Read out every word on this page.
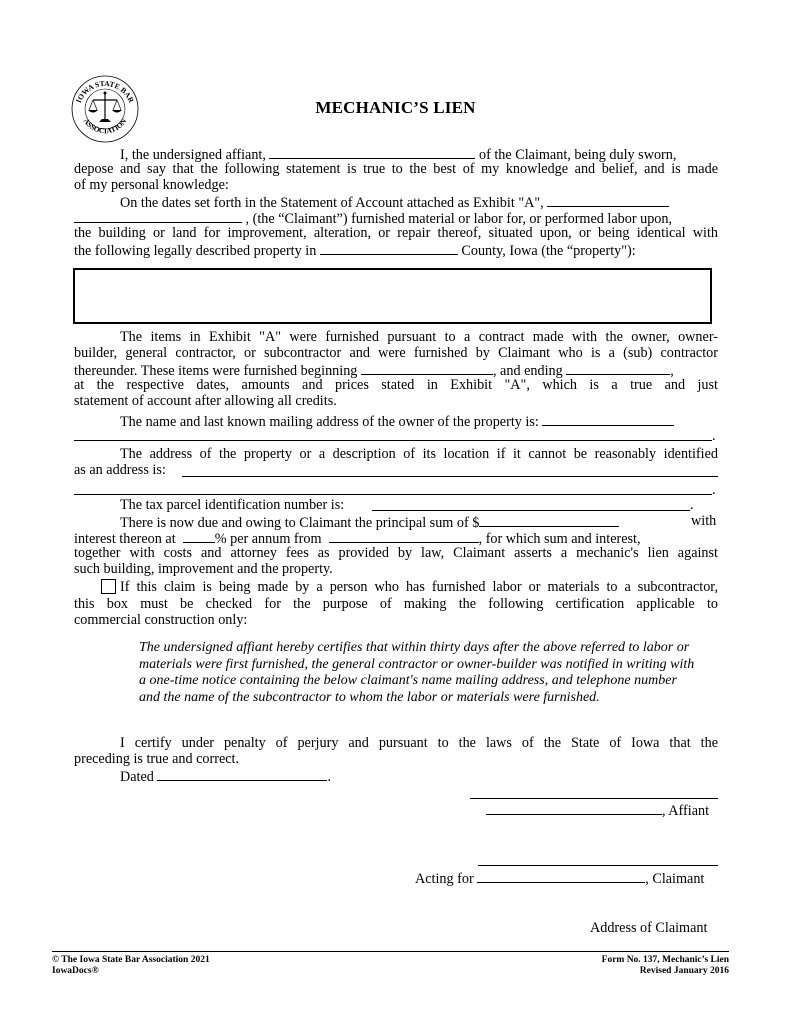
IOWA STATE BAR
ASSOCIATION
MECHANIC’S LIEN
I, the undersigned affiant,	of the Claimant, being duly sworn,
depose and say that the following statement is true to the best of my knowledge and belief, and is made
of my personal knowledge:
On the dates set forth in the Statement of Account attached as Exhibit "A",
, (the “Claimant”) furnished material or labor for, or performed labor upon,
the building or land for improvement, alteration, or repair thereof, situated upon, or being identical with
the following legally described property in	County, Iowa (the “property"):
The items in Exhibit "A" were furnished pursuant to a contract made with the owner, owner-
builder, general contractor, or subcontractor and were furnished by Claimant who is a (sub) contractor
thereunder. These items were furnished beginning	, and ending	,
at the respective dates, amounts and prices stated in Exhibit "A", which is a true and just
statement of account after allowing all credits.
The name and last known mailing address of the owner of the property is:
.
The address of the property or a description of its location if it cannot be reasonably identified
as an address is:
.
The tax parcel identification number is:	.
There is now due and owing to Claimant the principal sum of $	with
interest thereon at	% per annum from	, for which sum and interest,
together with costs and attorney fees as provided by law, Claimant asserts a mechanic's lien against
such building, improvement and the property.
If this claim is being made by a person who has furnished labor or materials to a subcontractor,
this box must be checked for the purpose of making the following certification applicable to
commercial construction only:
The undersigned affiant hereby certifies that within thirty days after the above referred to labor or materials were first furnished, the general contractor or owner-builder was notified in writing with a one-time notice containing the below claimant's name mailing address, and telephone number and the name of the subcontractor to whom the labor or materials were furnished.
I certify under penalty of perjury and pursuant to the laws of the State of Iowa that the
preceding is true and correct.
Dated	.
, Affiant
Acting for	, Claimant
Address of Claimant
© The Iowa State Bar Association 2021
IowaDocs®
Form No. 137, Mechanic’s Lien
Revised January 2016
